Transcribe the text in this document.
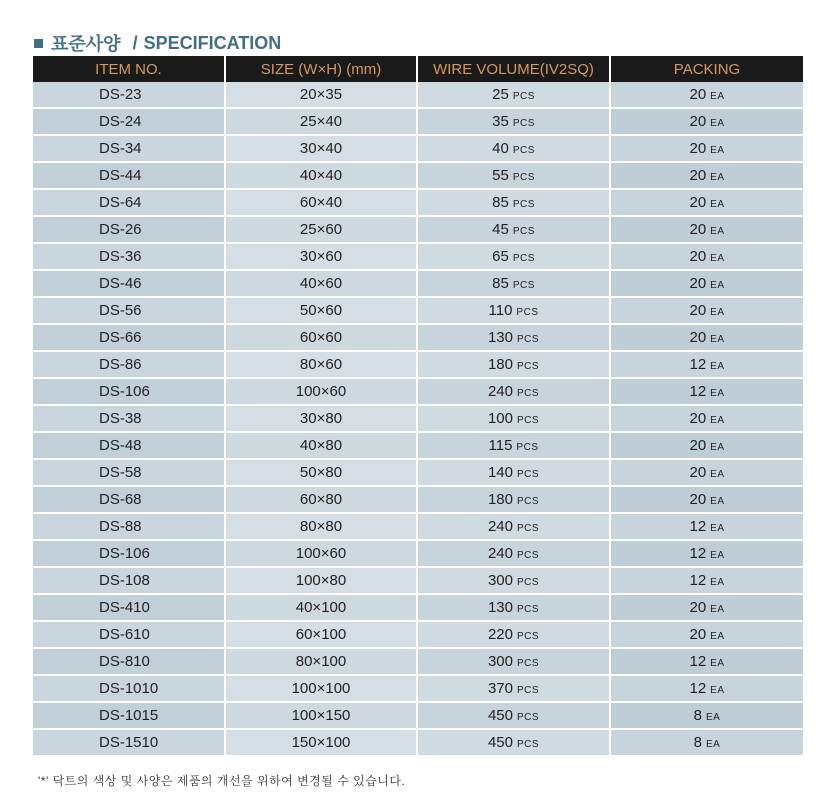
표준사양 / SPECIFICATION
ITEM NO.	SIZE (W×H) (mm)	WIRE VOLUME(IV2SQ)	PACKING
DS-23	20×35	25 PCS	20 EA
DS-24	25×40	35 PCS	20 EA
DS-34	30×40	40 PCS	20 EA
DS-44	40×40	55 PCS	20 EA
DS-64	60×40	85 PCS	20 EA
DS-26	25×60	45 PCS	20 EA
DS-36	30×60	65 PCS	20 EA
DS-46	40×60	85 PCS	20 EA
DS-56	50×60	110 PCS	20 EA
DS-66	60×60	130 PCS	20 EA
DS-86	80×60	180 PCS	12 EA
DS-106	100×60	240 PCS	12 EA
DS-38	30×80	100 PCS	20 EA
DS-48	40×80	115 PCS	20 EA
DS-58	50×80	140 PCS	20 EA
DS-68	60×80	180 PCS	20 EA
DS-88	80×80	240 PCS	12 EA
DS-106	100×60	240 PCS	12 EA
DS-108	100×80	300 PCS	12 EA
DS-410	40×100	130 PCS	20 EA
DS-610	60×100	220 PCS	20 EA
DS-810	80×100	300 PCS	12 EA
DS-1010	100×100	370 PCS	12 EA
DS-1015	100×150	450 PCS	8 EA
DS-1510	150×100	450 PCS	8 EA
'*' 닥트의 색상 및 사양은 제품의 개선을 위하여 변경될 수 있습니다.
